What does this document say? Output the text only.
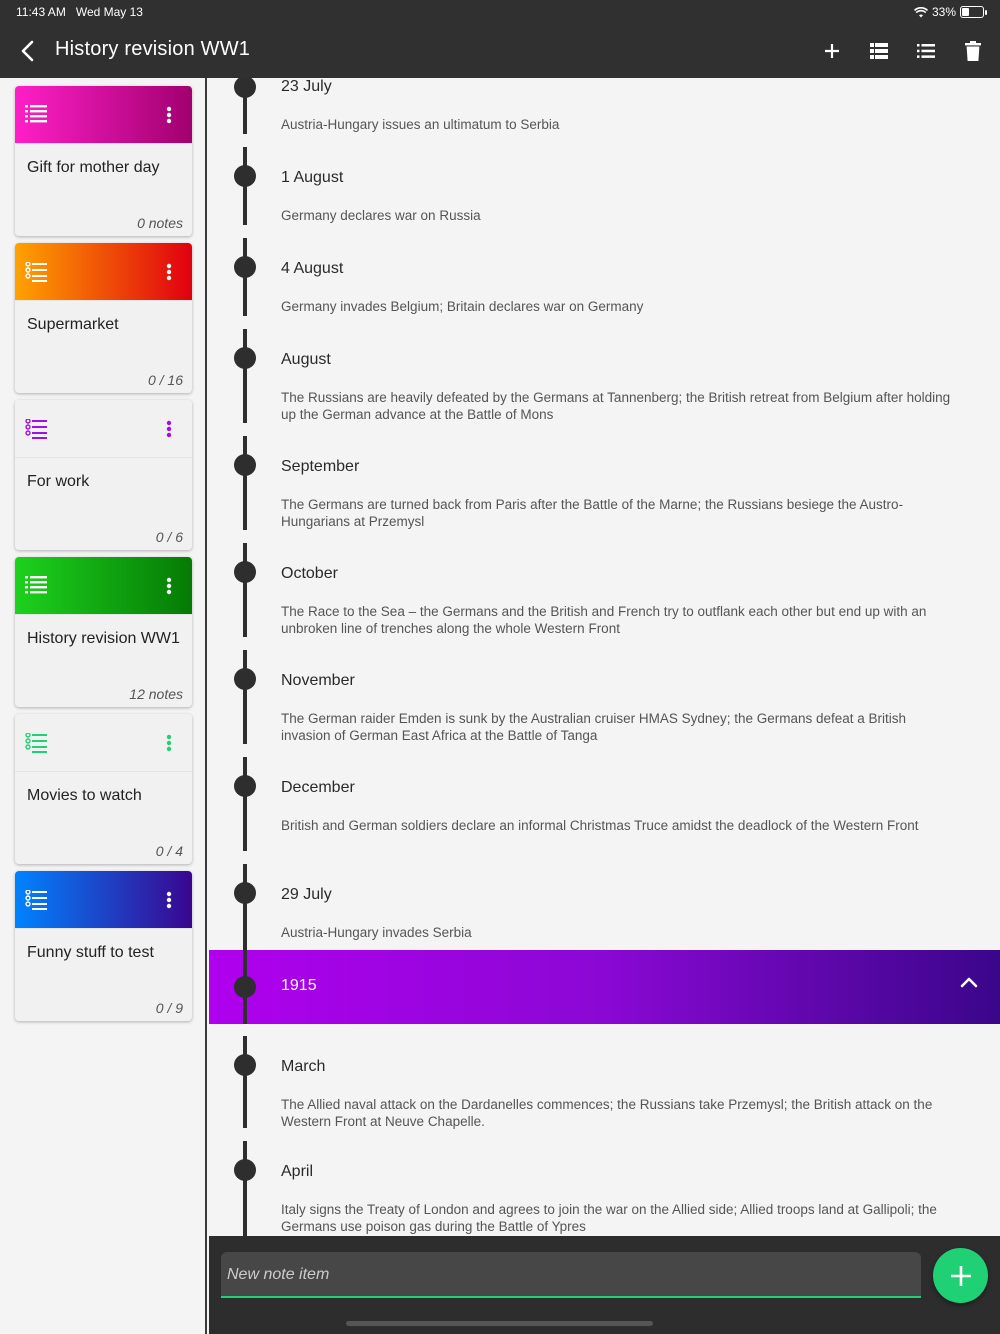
11:43 AM Wed May 13	33%
History revision WW1
Gift for mother day
0 notes
Supermarket
0 / 16
For work
0 / 6
History revision WW1
12 notes
Movies to watch
0 / 4
Funny stuff to test
0 / 9
23 July
Austria-Hungary issues an ultimatum to Serbia
1 August
Germany declares war on Russia
4 August
Germany invades Belgium; Britain declares war on Germany
August
The Russians are heavily defeated by the Germans at Tannenberg; the British retreat from Belgium after holding up the German advance at the Battle of Mons
September
The Germans are turned back from Paris after the Battle of the Marne; the Russians besiege the Austro-Hungarians at Przemysl
October
The Race to the Sea – the Germans and the British and French try to outflank each other but end up with an unbroken line of trenches along the whole Western Front
November
The German raider Emden is sunk by the Australian cruiser HMAS Sydney; the Germans defeat a British invasion of German East Africa at the Battle of Tanga
December
British and German soldiers declare an informal Christmas Truce amidst the deadlock of the Western Front
29 July
Austria-Hungary invades Serbia
March
The Allied naval attack on the Dardanelles commences; the Russians take Przemysl; the British attack on the Western Front at Neuve Chapelle.
April
Italy signs the Treaty of London and agrees to join the war on the Allied side; Allied troops land at Gallipoli; the Germans use poison gas during the Battle of Ypres
1915
New note item
